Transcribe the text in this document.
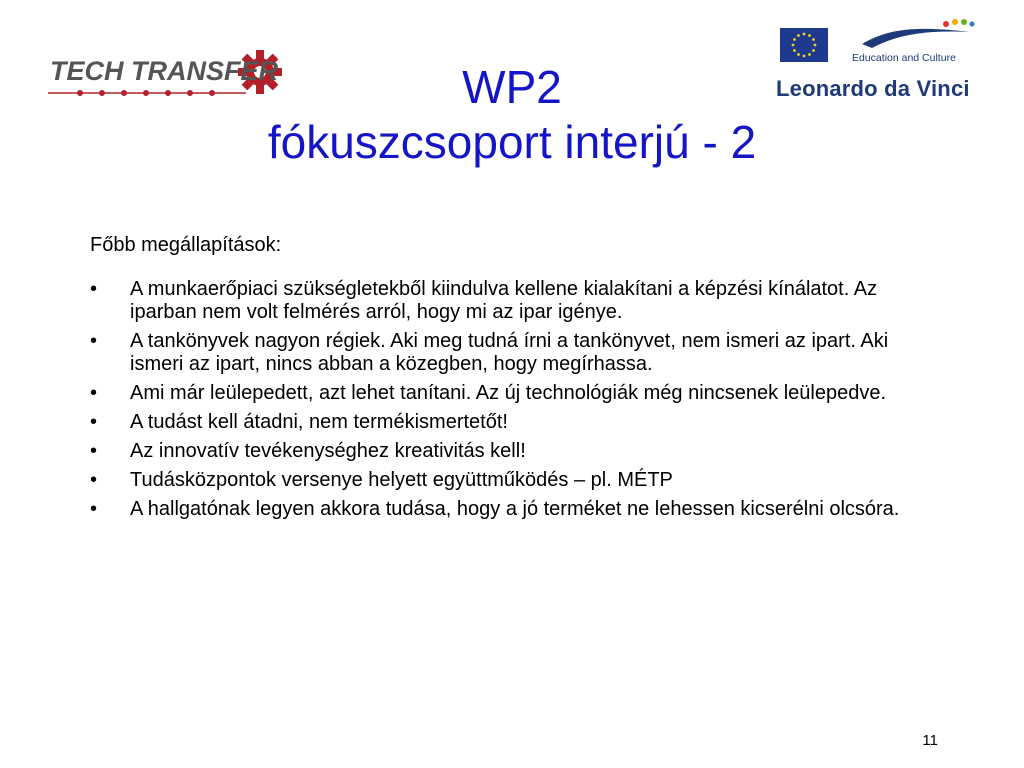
TECH TRANSFER	Education and Culture
Leonardo da Vinci
WP2
fókuszcsoport interjú - 2
Főbb megállapítások:
• A munkaerőpiaci szükségletekből kiindulva kellene kialakítani a képzési kínálatot. Az iparban nem volt felmérés arról, hogy mi az ipar igénye.
• A tankönyvek nagyon régiek. Aki meg tudná írni a tankönyvet, nem ismeri az ipart. Aki ismeri az ipart, nincs abban a közegben, hogy megírhassa.
• Ami már leülepedett, azt lehet tanítani. Az új technológiák még nincsenek leülepedve.
• A tudást kell átadni, nem termékismertetőt!
• Az innovatív tevékenységhez kreativitás kell!
• Tudásközpontok versenye helyett együttműködés – pl. MÉTP
• A hallgatónak legyen akkora tudása, hogy a jó terméket ne lehessen kicserélni olcsóra.
11
